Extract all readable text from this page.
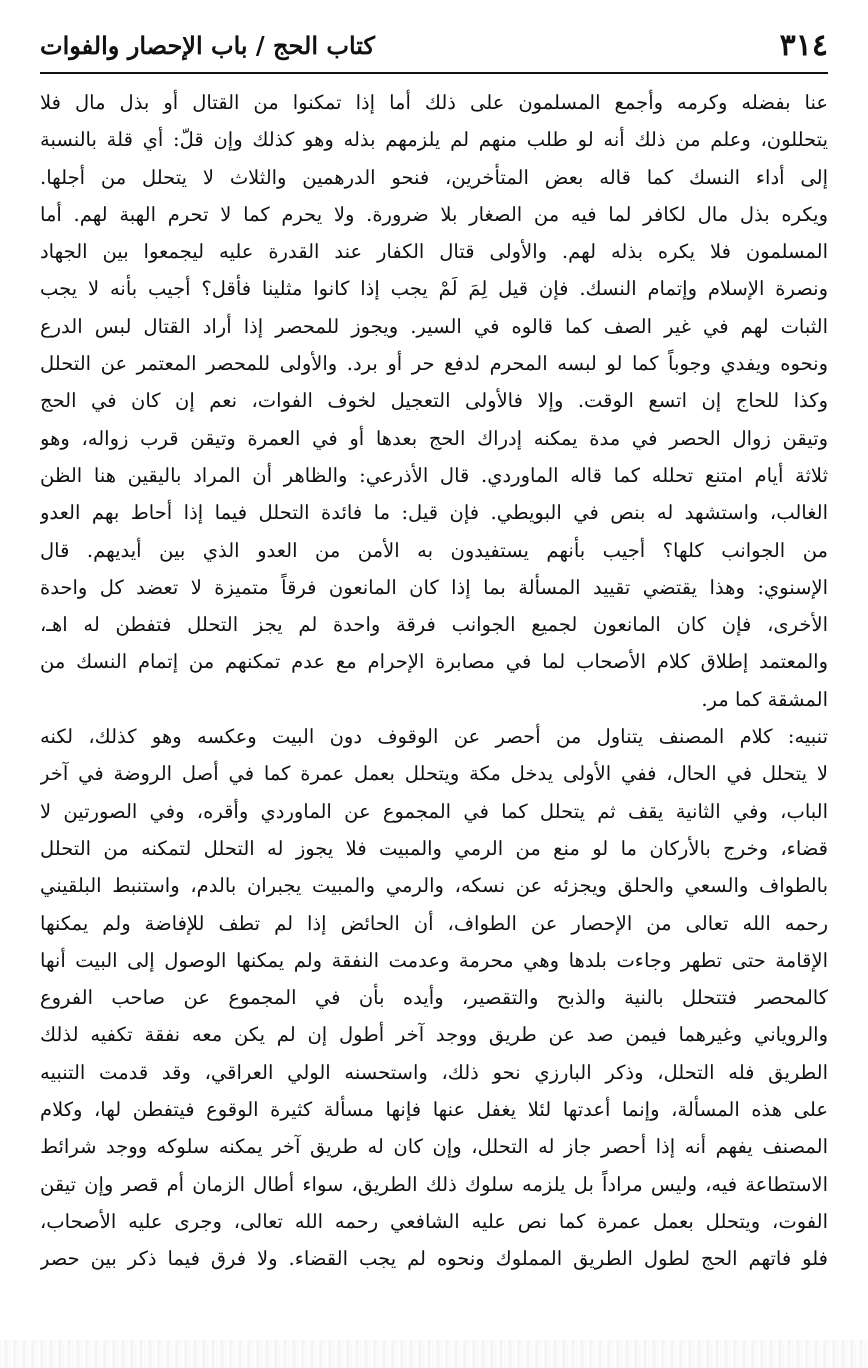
٣١٤
كتاب الحج / باب الإحصار والفوات
عنا بفضله وكرمه وأجمع المسلمون على ذلك أما إذا تمكنوا من القتال أو بذل مال فلا
يتحللون، وعلم من ذلك أنه لو طلب منهم لم يلزمهم بذله وهو كذلك وإن قلّ: أي قلة بالنسبة
إلى أداء النسك كما قاله بعض المتأخرين، فنحو الدرهمين والثلاث لا يتحلل من أجلها.
ويكره بذل مال لكافر لما فيه من الصغار بلا ضرورة. ولا يحرم كما لا تحرم الهبة لهم. أما
المسلمون فلا يكره بذله لهم. والأولى قتال الكفار عند القدرة عليه ليجمعوا بين الجهاد
ونصرة الإسلام وإتمام النسك. فإن قيل لِمَ لَمْ يجب إذا كانوا مثلينا فأقل؟ أجيب بأنه لا يجب
الثبات لهم في غير الصف كما قالوه في السير. ويجوز للمحصر إذا أراد القتال لبس الدرع
ونحوه ويفدي وجوباً كما لو لبسه المحرم لدفع حر أو برد. والأولى للمحصر المعتمر عن التحلل
وكذا للحاج إن اتسع الوقت. وإلا فالأولى التعجيل لخوف الفوات، نعم إن كان في الحج
وتيقن زوال الحصر في مدة يمكنه إدراك الحج بعدها أو في العمرة وتيقن قرب زواله، وهو
ثلاثة أيام امتنع تحلله كما قاله الماوردي. قال الأذرعي: والظاهر أن المراد باليقين هنا الظن
الغالب، واستشهد له بنص في البويطي. فإن قيل: ما فائدة التحلل فيما إذا أحاط بهم العدو
من الجوانب كلها؟ أجيب بأنهم يستفيدون به الأمن من العدو الذي بين أيديهم. قال
الإسنوي: وهذا يقتضي تقييد المسألة بما إذا كان المانعون فرقاً متميزة لا تعضد كل واحدة
الأخرى، فإن كان المانعون لجميع الجوانب فرقة واحدة لم يجز التحلل فتفطن له اهـ،
والمعتمد إطلاق كلام الأصحاب لما في مصابرة الإحرام مع عدم تمكنهم من إتمام النسك من
المشقة كما مر.
تنبيه: كلام المصنف يتناول من أحصر عن الوقوف دون البيت وعكسه وهو كذلك، لكنه
لا يتحلل في الحال، ففي الأولى يدخل مكة ويتحلل بعمل عمرة كما في أصل الروضة في آخر
الباب، وفي الثانية يقف ثم يتحلل كما في المجموع عن الماوردي وأقره، وفي الصورتين لا
قضاء، وخرج بالأركان ما لو منع من الرمي والمبيت فلا يجوز له التحلل لتمكنه من التحلل
بالطواف والسعي والحلق ويجزئه عن نسكه، والرمي والمبيت يجبران بالدم، واستنبط البلقيني
رحمه الله تعالى من الإحصار عن الطواف، أن الحائض إذا لم تطف للإفاضة ولم يمكنها
الإقامة حتى تطهر وجاءت بلدها وهي محرمة وعدمت النفقة ولم يمكنها الوصول إلى البيت أنها
كالمحصر فتتحلل بالنية والذبح والتقصير، وأيده بأن في المجموع عن صاحب الفروع
والروياني وغيرهما فيمن صد عن طريق ووجد آخر أطول إن لم يكن معه نفقة تكفيه لذلك
الطريق فله التحلل، وذكر البارزي نحو ذلك، واستحسنه الولي العراقي، وقد قدمت التنبيه
على هذه المسألة، وإنما أعدتها لئلا يغفل عنها فإنها مسألة كثيرة الوقوع فيتفطن لها، وكلام
المصنف يفهم أنه إذا أحصر جاز له التحلل، وإن كان له طريق آخر يمكنه سلوكه ووجد شرائط
الاستطاعة فيه، وليس مراداً بل يلزمه سلوك ذلك الطريق، سواء أطال الزمان أم قصر وإن تيقن
الفوت، ويتحلل بعمل عمرة كما نص عليه الشافعي رحمه الله تعالى، وجرى عليه الأصحاب،
فلو فاتهم الحج لطول الطريق المملوك ونحوه لم يجب القضاء. ولا فرق فيما ذكر بين حصر
